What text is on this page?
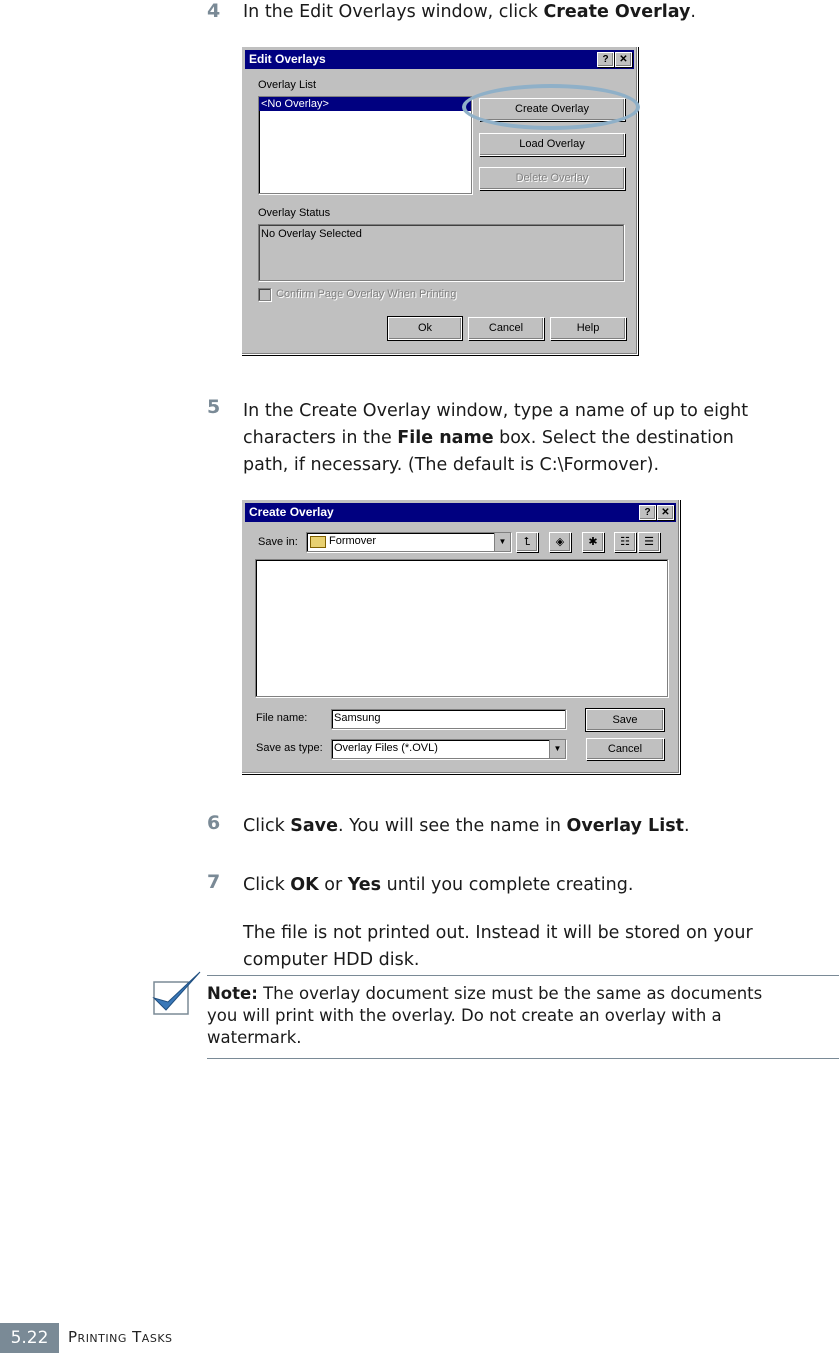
4 In the Edit Overlays window, click Create Overlay.
Edit Overlays	?	✕
Overlay List
<No Overlay>	Create Overlay
Load Overlay
Delete Overlay
Overlay Status
No Overlay Selected
Confirm Page Overlay When Printing
Ok	Cancel	Help
5 In the Create Overlay window, type a name of up to eight
characters in the File name box. Select the destination
path, if necessary. (The default is C:\Formover).
Create Overlay	?	✕
Save in:	Formover	▼	⮤	◈	✱	☷	☰
File name: Samsung	Save
Save as type: Overlay Files (*.OVL)	▼	Cancel
6 Click Save. You will see the name in Overlay List.
7 Click OK or Yes until you complete creating.
The file is not printed out. Instead it will be stored on your
computer HDD disk.
Note: The overlay document size must be the same as documents
you will print with the overlay. Do not create an overlay with a
watermark.
5.22	Printing Tasks
